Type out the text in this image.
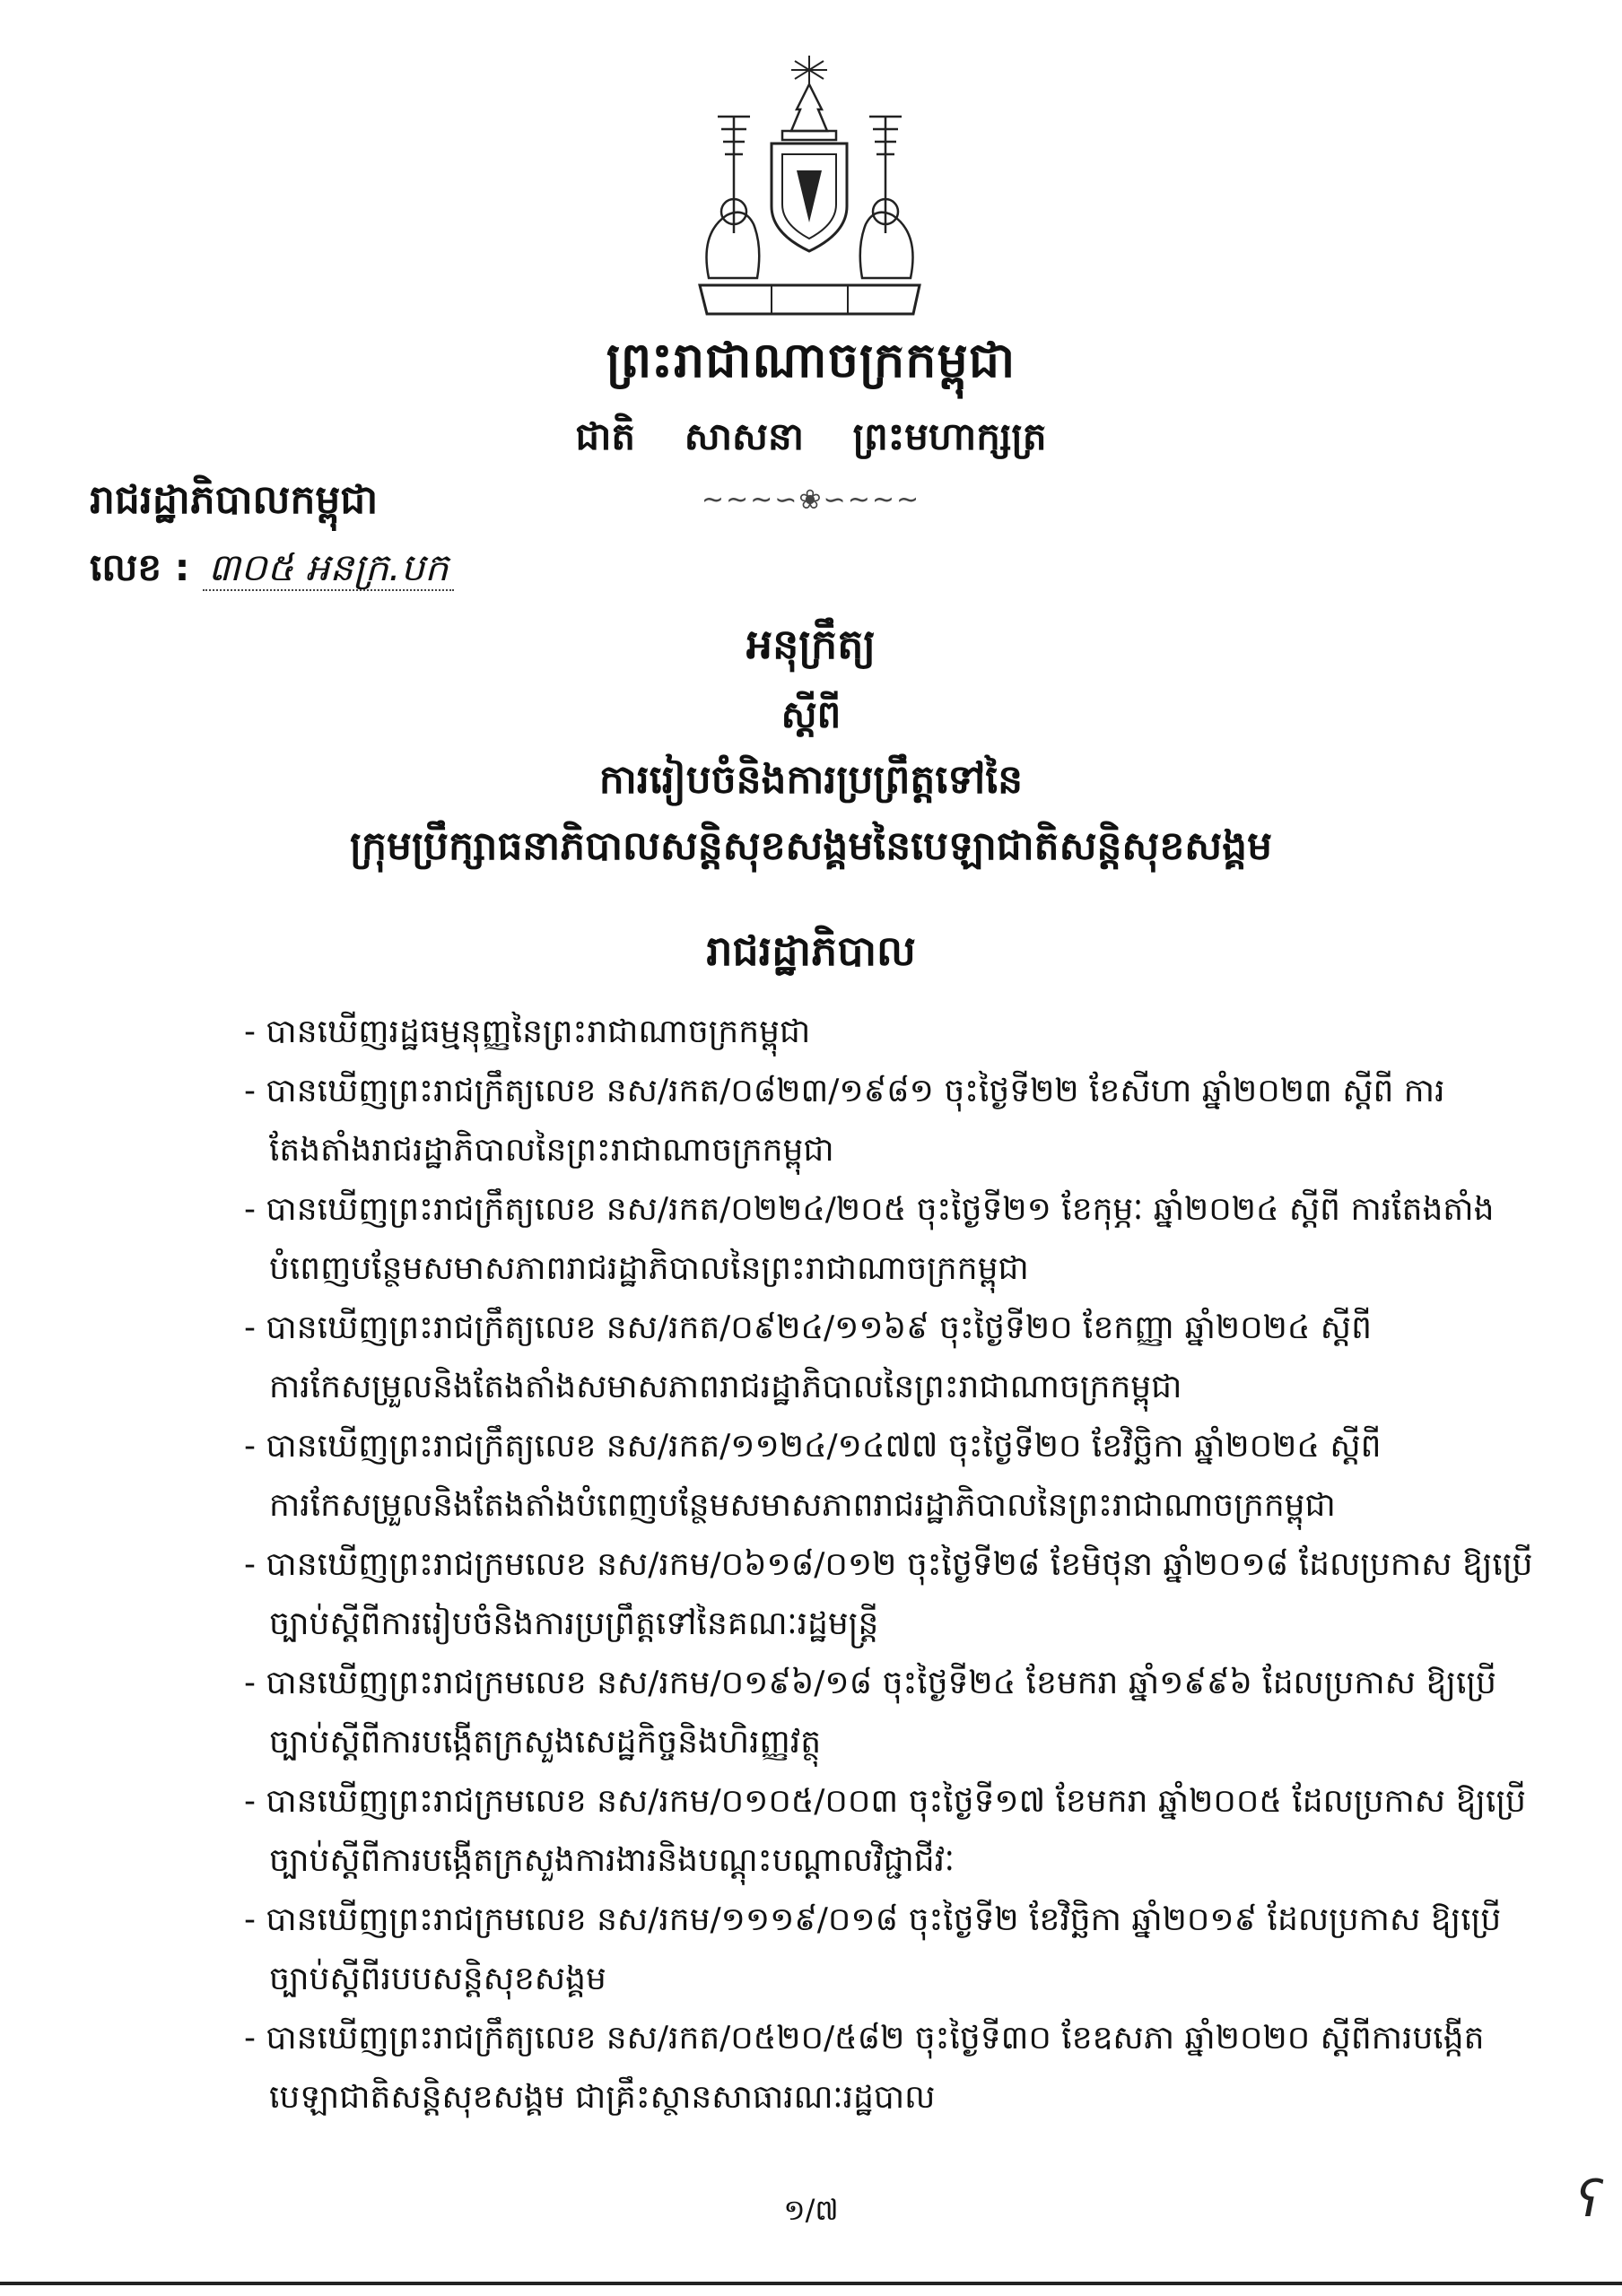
ព្រះរាជាណាចក្រកម្ពុជា
ជាតិ សាសនា ព្រះមហាក្សត្រ
~~~∽❀∽~~~
រាជរដ្ឋាភិបាលកម្ពុជា
លេខ : ៣០៥ អនក្រ.បក
អនុក្រឹត្យ
ស្តីពី
ការរៀបចំនិងការប្រព្រឹត្តទៅនៃ
ក្រុមប្រឹក្សាធនាភិបាលសន្តិសុខសង្គមនៃបេឡាជាតិសន្តិសុខសង្គម
រាជរដ្ឋាភិបាល

- បានឃើញរដ្ឋធម្មនុញ្ញនៃព្រះរាជាណាចក្រកម្ពុជា

- បានឃើញព្រះរាជក្រឹត្យលេខ នស/រកត/០៨២៣/១៩៨១ ចុះថ្ងៃទី២២ ខែសីហា ឆ្នាំ២០២៣ ស្តីពី ការតែងតាំងរាជរដ្ឋាភិបាលនៃព្រះរាជាណាចក្រកម្ពុជា

- បានឃើញព្រះរាជក្រឹត្យលេខ នស/រកត/០២២៤/២០៥ ចុះថ្ងៃទី២១ ខែកុម្ភៈ ឆ្នាំ២០២៤ ស្តីពី ការតែងតាំងបំពេញបន្ថែមសមាសភាពរាជរដ្ឋាភិបាលនៃព្រះរាជាណាចក្រកម្ពុជា

- បានឃើញព្រះរាជក្រឹត្យលេខ នស/រកត/០៩២៤/១១៦៩ ចុះថ្ងៃទី២០ ខែកញ្ញា ឆ្នាំ២០២៤ ស្តីពី ការកែសម្រួលនិងតែងតាំងសមាសភាពរាជរដ្ឋាភិបាលនៃព្រះរាជាណាចក្រកម្ពុជា

- បានឃើញព្រះរាជក្រឹត្យលេខ នស/រកត/១១២៤/១៤៧៧ ចុះថ្ងៃទី២០ ខែវិច្ឆិកា ឆ្នាំ២០២៤ ស្តីពី ការកែសម្រួលនិងតែងតាំងបំពេញបន្ថែមសមាសភាពរាជរដ្ឋាភិបាលនៃព្រះរាជាណាចក្រកម្ពុជា

- បានឃើញព្រះរាជក្រមលេខ នស/រកម/០៦១៨/០១២ ចុះថ្ងៃទី២៨ ខែមិថុនា ឆ្នាំ២០១៨ ដែលប្រកាស ឱ្យប្រើច្បាប់ស្តីពីការរៀបចំនិងការប្រព្រឹត្តទៅនៃគណៈរដ្ឋមន្ត្រី

- បានឃើញព្រះរាជក្រមលេខ នស/រកម/០១៩៦/១៨ ចុះថ្ងៃទី២៤ ខែមករា ឆ្នាំ១៩៩៦ ដែលប្រកាស ឱ្យប្រើច្បាប់ស្តីពីការបង្កើតក្រសួងសេដ្ឋកិច្ចនិងហិរញ្ញវត្ថុ

- បានឃើញព្រះរាជក្រមលេខ នស/រកម/០១០៥/០០៣ ចុះថ្ងៃទី១៧ ខែមករា ឆ្នាំ២០០៥ ដែលប្រកាស ឱ្យប្រើច្បាប់ស្តីពីការបង្កើតក្រសួងការងារនិងបណ្តុះបណ្តាលវិជ្ជាជីវៈ

- បានឃើញព្រះរាជក្រមលេខ នស/រកម/១១១៩/០១៨ ចុះថ្ងៃទី២ ខែវិច្ឆិកា ឆ្នាំ២០១៩ ដែលប្រកាស ឱ្យប្រើច្បាប់ស្តីពីរបបសន្តិសុខសង្គម

- បានឃើញព្រះរាជក្រឹត្យលេខ នស/រកត/០៥២០/៥៨២ ចុះថ្ងៃទី៣០ ខែឧសភា ឆ្នាំ២០២០ ស្តីពីការបង្កើត បេឡាជាតិសន្តិសុខសង្គម ជាគ្រឹះស្ថានសាធារណៈរដ្ឋបាល

១/៧	ʕ
